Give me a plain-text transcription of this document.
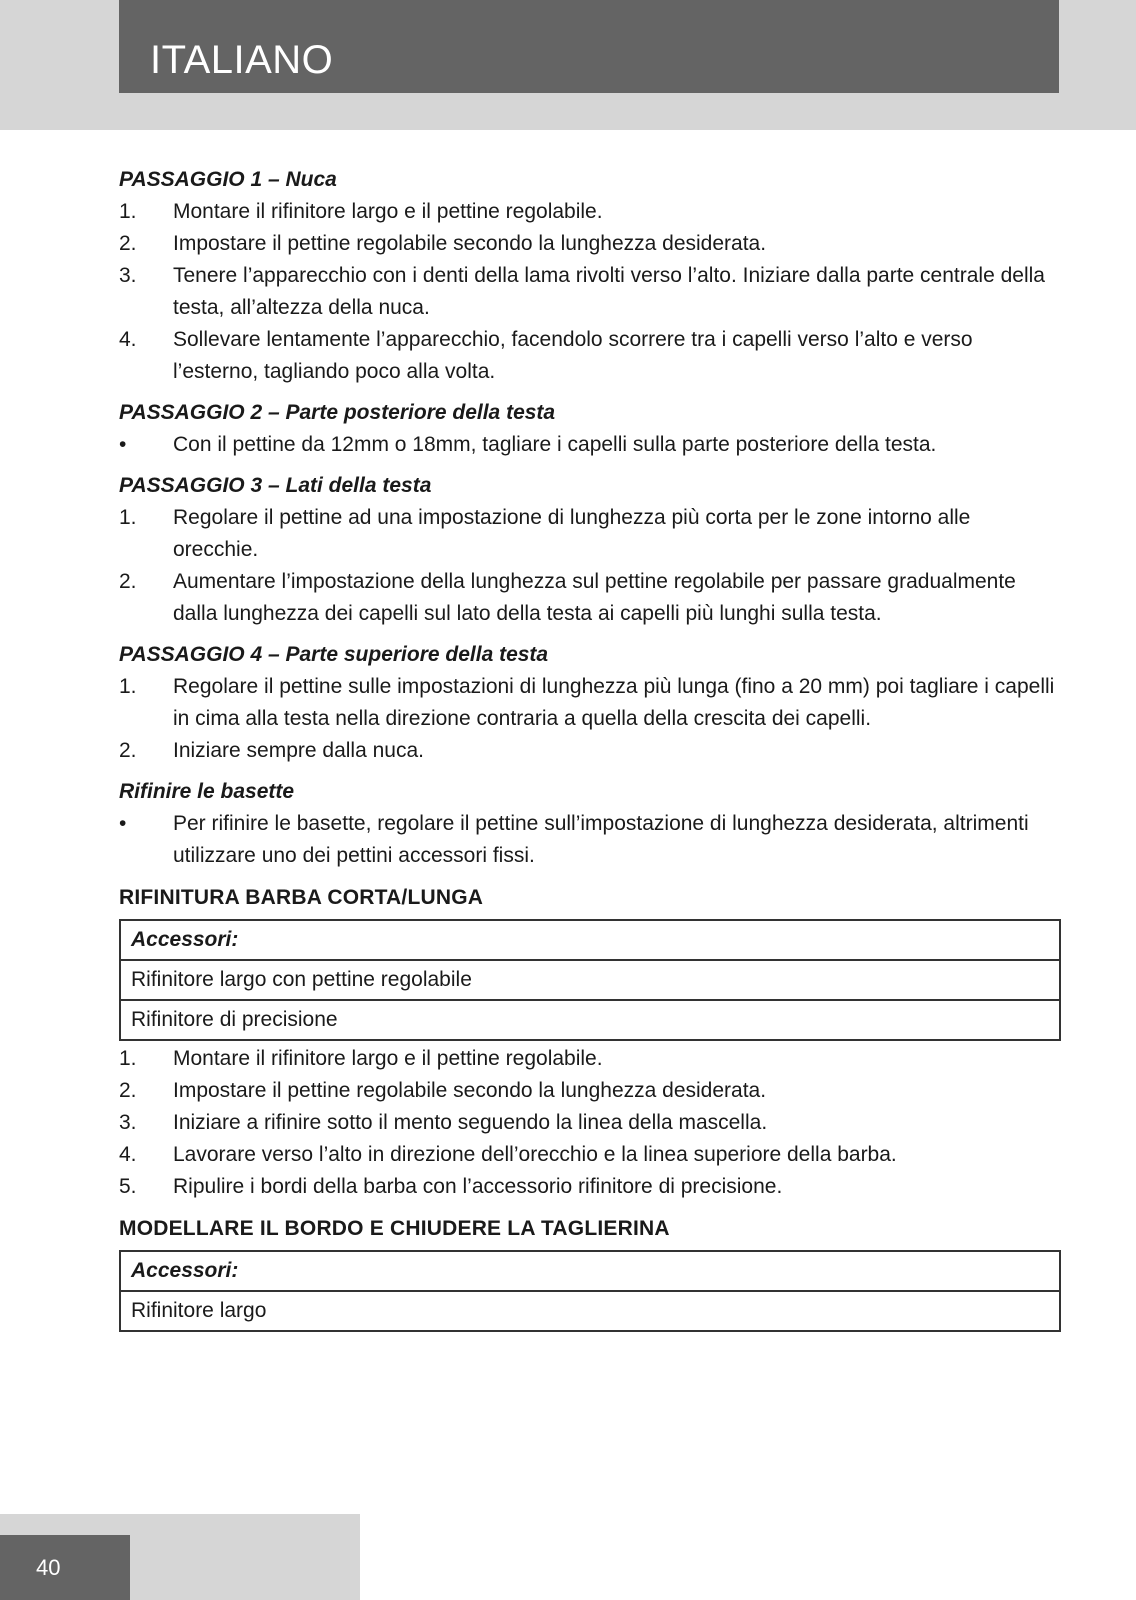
ITALIANO
PASSAGGIO 1 – Nuca
1.	Montare il rifinitore largo e il pettine regolabile.
2.	Impostare il pettine regolabile secondo la lunghezza desiderata.
3.	Tenere l’apparecchio con i denti della lama rivolti verso l’alto. Iniziare dalla parte centrale della testa, all’altezza della nuca.
4.	Sollevare lentamente l’apparecchio, facendolo scorrere tra i capelli verso l’alto e verso l’esterno, tagliando poco alla volta.
PASSAGGIO 2 – Parte posteriore della testa
•	Con il pettine da 12mm o 18mm, tagliare i capelli sulla parte posteriore della testa.
PASSAGGIO 3 – Lati della testa
1.	Regolare il pettine ad una impostazione di lunghezza più corta per le zone intorno alle orecchie.
2.	Aumentare l’impostazione della lunghezza sul pettine regolabile per passare gradualmente dalla lunghezza dei capelli sul lato della testa ai capelli più lunghi sulla testa.
PASSAGGIO 4 – Parte superiore della testa
1.	Regolare il pettine sulle impostazioni di lunghezza più lunga (fino a 20 mm) poi tagliare i capelli in cima alla testa nella direzione contraria a quella della crescita dei capelli.
2.	Iniziare sempre dalla nuca.
Rifinire le basette
•	Per rifinire le basette, regolare il pettine sull’impostazione di lunghezza desiderata, altrimenti utilizzare uno dei pettini accessori fissi.
RIFINITURA BARBA CORTA/LUNGA
Accessori:
Rifinitore largo con pettine regolabile
Rifinitore di precisione
1.	Montare il rifinitore largo e il pettine regolabile.
2.	Impostare il pettine regolabile secondo la lunghezza desiderata.
3.	Iniziare a rifinire sotto il mento seguendo la linea della mascella.
4.	Lavorare verso l’alto in direzione dell’orecchio e la linea superiore della barba.
5.	Ripulire i bordi della barba con l’accessorio rifinitore di precisione.
MODELLARE IL BORDO E CHIUDERE LA TAGLIERINA
Accessori:
Rifinitore largo
40
